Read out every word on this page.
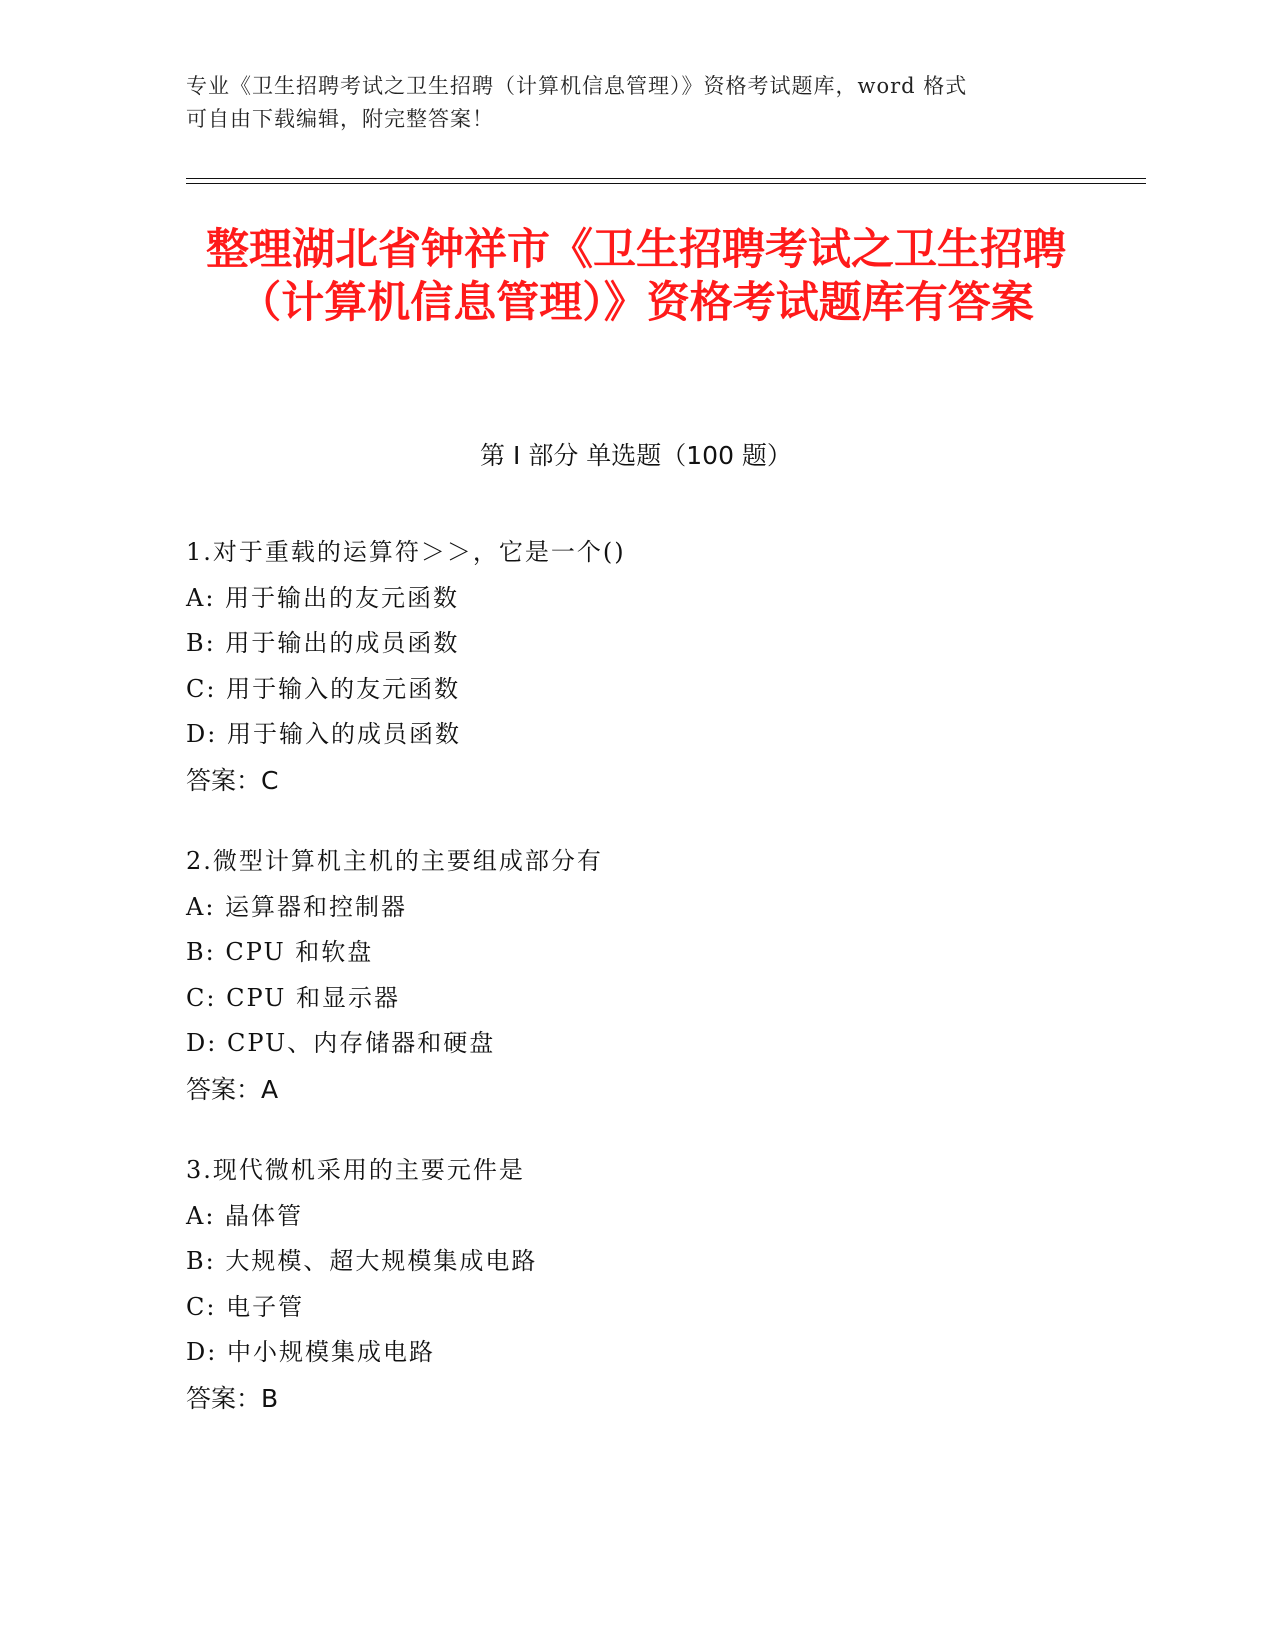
专业《卫生招聘考试之卫生招聘（计算机信息管理）》资格考试题库，word 格式
可自由下载编辑，附完整答案！
整理湖北省钟祥市《卫生招聘考试之卫生招聘（计算机信息管理）》资格考试题库有答案
第 I 部分 单选题（100 题）
1.对于重载的运算符＞＞，它是一个()
A: 用于输出的友元函数
B: 用于输出的成员函数
C: 用于输入的友元函数
D: 用于输入的成员函数
答案：C
2.微型计算机主机的主要组成部分有
A: 运算器和控制器
B: CPU 和软盘
C: CPU 和显示器
D: CPU、内存储器和硬盘
答案：A
3.现代微机采用的主要元件是
A: 晶体管
B: 大规模、超大规模集成电路
C: 电子管
D: 中小规模集成电路
答案：B
